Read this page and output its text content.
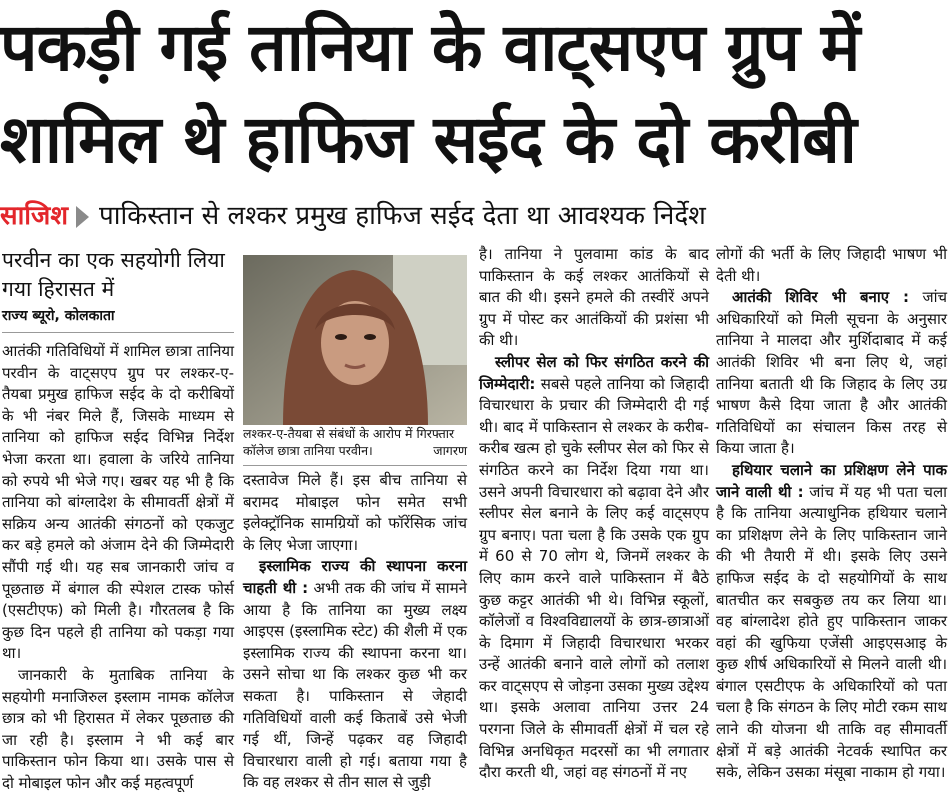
पकड़ी गई तानिया के वाट्सएप ग्रुप में
शामिल थे हाफिज सईद के दो करीबी
साजिश पाकिस्तान से लश्कर प्रमुख हाफिज सईद देता था आवश्यक निर्देश

परवीन का एक सहयोगी लिया गया हिरासत में

राज्य ब्यूरो, कोलकाता

आतंकी गतिविधियों में शामिल छात्रा तानिया परवीन के वाट्सएप ग्रुप पर लश्कर-ए-तैयबा प्रमुख हाफिज सईद के दो करीबियों के भी नंबर मिले हैं, जिसके माध्यम से तानिया को हाफिज सईद विभिन्न निर्देश भेजा करता था। हवाला के जरिये तानिया को रुपये भी भेजे गए। खबर यह भी है कि तानिया को बांग्लादेश के सीमावर्ती क्षेत्रों में सक्रिय अन्य आतंकी संगठनों को एकजुट कर बड़े हमले को अंजाम देने की जिम्मेदारी सौंपी गई थी। यह सब जानकारी जांच व पूछताछ में बंगाल की स्पेशल टास्क फोर्स (एसटीएफ) को मिली है। गौरतलब है कि कुछ दिन पहले ही तानिया को पकड़ा गया था।

जानकारी के मुताबिक तानिया के सहयोगी मनाजिरुल इस्लाम नामक कॉलेज छात्र को भी हिरासत में लेकर पूछताछ की जा रही है। इस्लाम ने भी कई बार पाकिस्तान फोन किया था। उसके पास से दो मोबाइल फोन और कई महत्वपूर्ण

लश्कर-ए-तैयबा से संबंधों के आरोप में गिरफ्तार कॉलेज छात्रा तानिया परवीन।	जागरण

दस्तावेज मिले हैं। इस बीच तानिया से बरामद मोबाइल फोन समेत सभी इलेक्ट्रॉनिक सामग्रियों को फॉरेंसिक जांच के लिए भेजा जाएगा।

इस्लामिक राज्य की स्थापना करना चाहती थी : अभी तक की जांच में सामने आया है कि तानिया का मुख्य लक्ष्य आइएस (इस्लामिक स्टेट) की शैली में एक इस्लामिक राज्य की स्थापना करना था। उसने सोचा था कि लश्कर कुछ भी कर सकता है। पाकिस्तान से जेहादी गतिविधियों वाली कई किताबें उसे भेजी गई थीं, जिन्हें पढ़कर वह जिहादी विचारधारा वाली हो गई। बताया गया है कि वह लश्कर से तीन साल से जुड़ी

है। तानिया ने पुलवामा कांड के बाद पाकिस्तान के कई लश्कर आतंकियों से बात की थी। इसने हमले की तस्वीरें अपने ग्रुप में पोस्ट कर आतंकियों की प्रशंसा भी की थी।

स्लीपर सेल को फिर संगठित करने की जिम्मेदारी: सबसे पहले तानिया को जिहादी विचारधारा के प्रचार की जिम्मेदारी दी गई थी। बाद में पाकिस्तान से लश्कर के करीब-करीब खत्म हो चुके स्लीपर सेल को फिर से संगठित करने का निर्देश दिया गया था। उसने अपनी विचारधारा को बढ़ावा देने और स्लीपर सेल बनाने के लिए कई वाट्सएप ग्रुप बनाए। पता चला है कि उसके एक ग्रुप में 60 से 70 लोग थे, जिनमें लश्कर के लिए काम करने वाले पाकिस्तान में बैठे कुछ कट्टर आतंकी भी थे। विभिन्न स्कूलों, कॉलेजों व विश्वविद्यालयों के छात्र-छात्राओं के दिमाग में जिहादी विचारधारा भरकर उन्हें आतंकी बनाने वाले लोगों को तलाश कर वाट्सएप से जोड़ना उसका मुख्य उद्देश्य था। इसके अलावा तानिया उत्तर 24 परगना जिले के सीमावर्ती क्षेत्रों में चल रहे विभिन्न अनधिकृत मदरसों का भी लगातार दौरा करती थी, जहां वह संगठनों में नए

लोगों की भर्ती के लिए जिहादी भाषण भी देती थी।

आतंकी शिविर भी बनाए : जांच अधिकारियों को मिली सूचना के अनुसार तानिया ने मालदा और मुर्शिदाबाद में कई आतंकी शिविर भी बना लिए थे, जहां तानिया बताती थी कि जिहाद के लिए उग्र भाषण कैसे दिया जाता है और आतंकी गतिविधियों का संचालन किस तरह से किया जाता है।

हथियार चलाने का प्रशिक्षण लेने पाक जाने वाली थी : जांच में यह भी पता चला है कि तानिया अत्याधुनिक हथियार चलाने का प्रशिक्षण लेने के लिए पाकिस्तान जाने की भी तैयारी में थी। इसके लिए उसने हाफिज सईद के दो सहयोगियों के साथ बातचीत कर सबकुछ तय कर लिया था। वह बांग्लादेश होते हुए पाकिस्तान जाकर वहां की खुफिया एजेंसी आइएसआइ के कुछ शीर्ष अधिकारियों से मिलने वाली थी। बंगाल एसटीएफ के अधिकारियों को पता चला है कि संगठन के लिए मोटी रकम साथ लाने की योजना थी ताकि वह सीमावर्ती क्षेत्रों में बड़े आतंकी नेटवर्क स्थापित कर सके, लेकिन उसका मंसूबा नाकाम हो गया।
